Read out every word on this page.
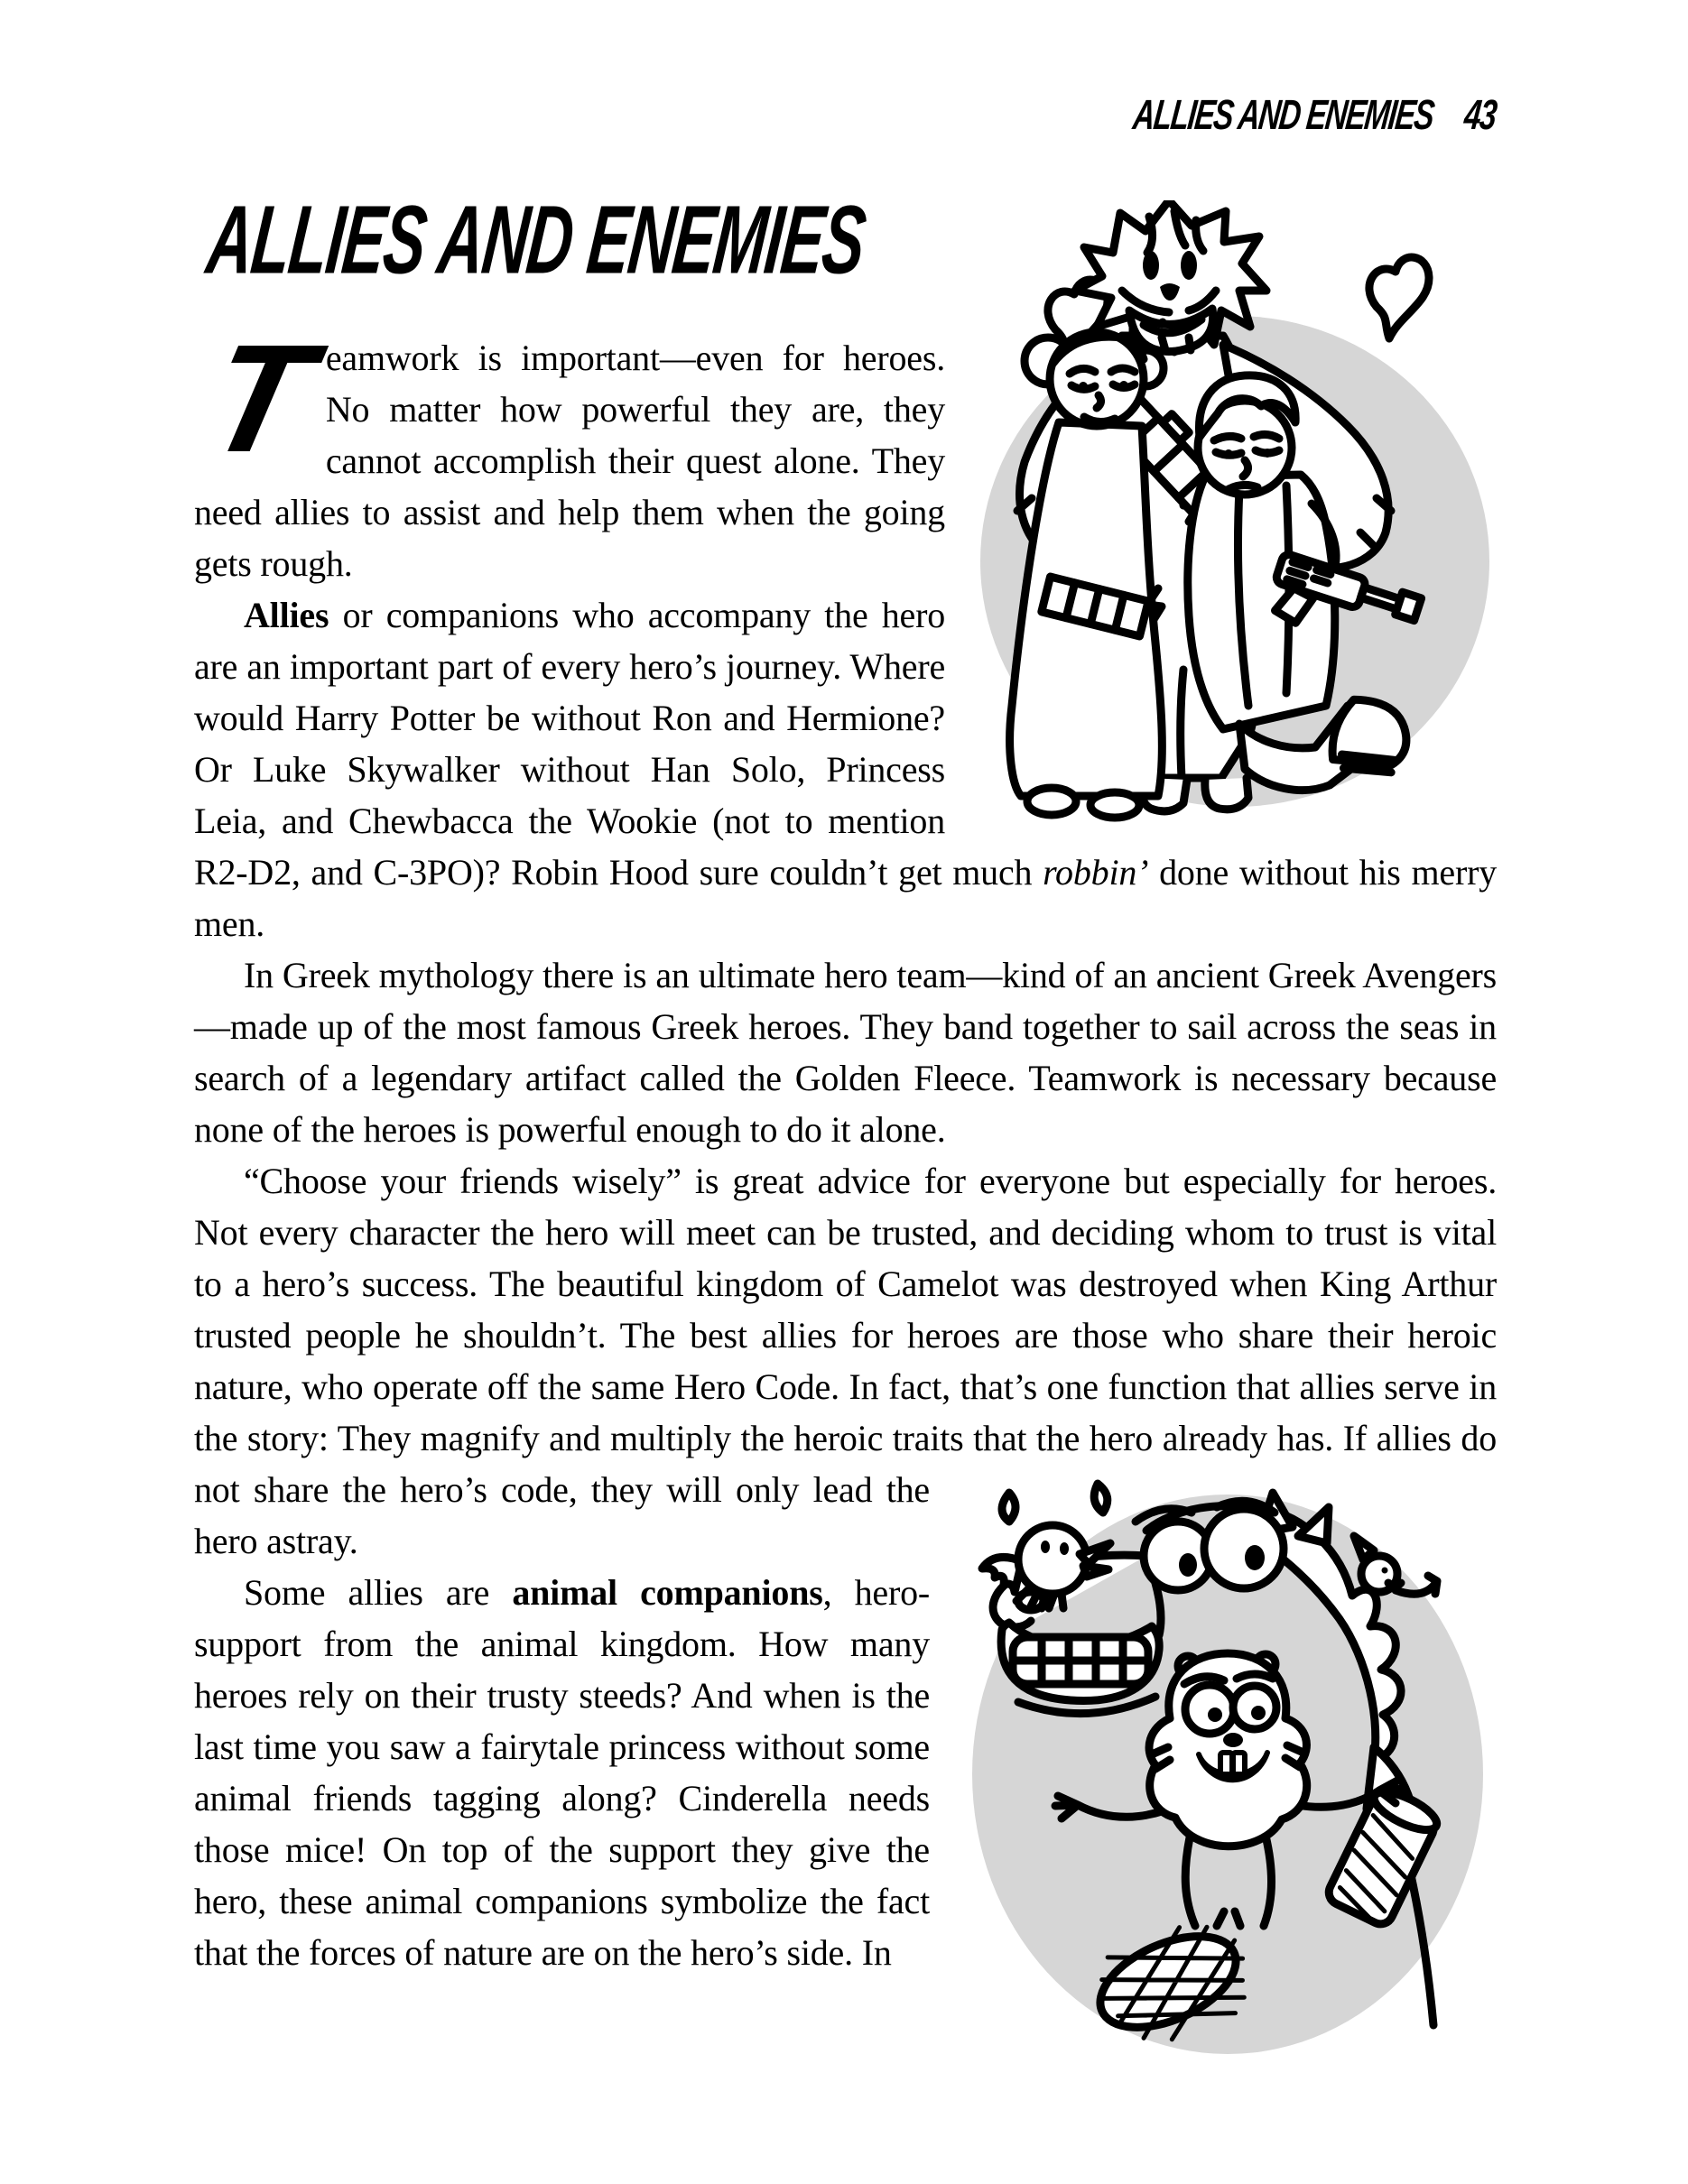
ALLIES AND ENEMIES 43
ALLIES AND ENEMIES

Teamwork is important—even for heroes. No matter how powerful they are, they cannot accomplish their quest alone. They need allies to assist and help them when the going gets rough.

Allies or companions who accompany the hero are an important part of every hero’s journey. Where would Harry Potter be without Ron and Hermione? Or Luke Skywalker without Han Solo, Princess Leia, and Chewbacca the Wookie (not to mention R2-D2, and C-3PO)? Robin Hood sure couldn’t get much robbin’ done without his merry men.

In Greek mythology there is an ultimate hero team—kind of an ancient Greek Avengers—made up of the most famous Greek heroes. They band together to sail across the seas in search of a legendary artifact called the Golden Fleece. Teamwork is necessary because none of the heroes is powerful enough to do it alone.

“Choose your friends wisely” is great advice for everyone but especially for heroes. Not every character the hero will meet can be trusted, and deciding whom to trust is vital to a hero’s success. The beautiful kingdom of Camelot was destroyed when King Arthur trusted people he shouldn’t. The best allies for heroes are those who share their heroic nature, who operate off the same Hero Code. In fact, that’s one function that allies serve in the story: They magnify and multiply the heroic traits that the hero
already has. If allies do not share the hero’s code, they will only lead the hero astray.

Some allies are animal companions, hero-support from the animal kingdom. How many heroes rely on their trusty steeds? And when is the last time you saw a fairytale princess without some animal friends tagging along? Cinderella needs those mice! On top of the support they give the hero, these animal companions symbolize the fact that the forces of nature are on the hero’s side. In
